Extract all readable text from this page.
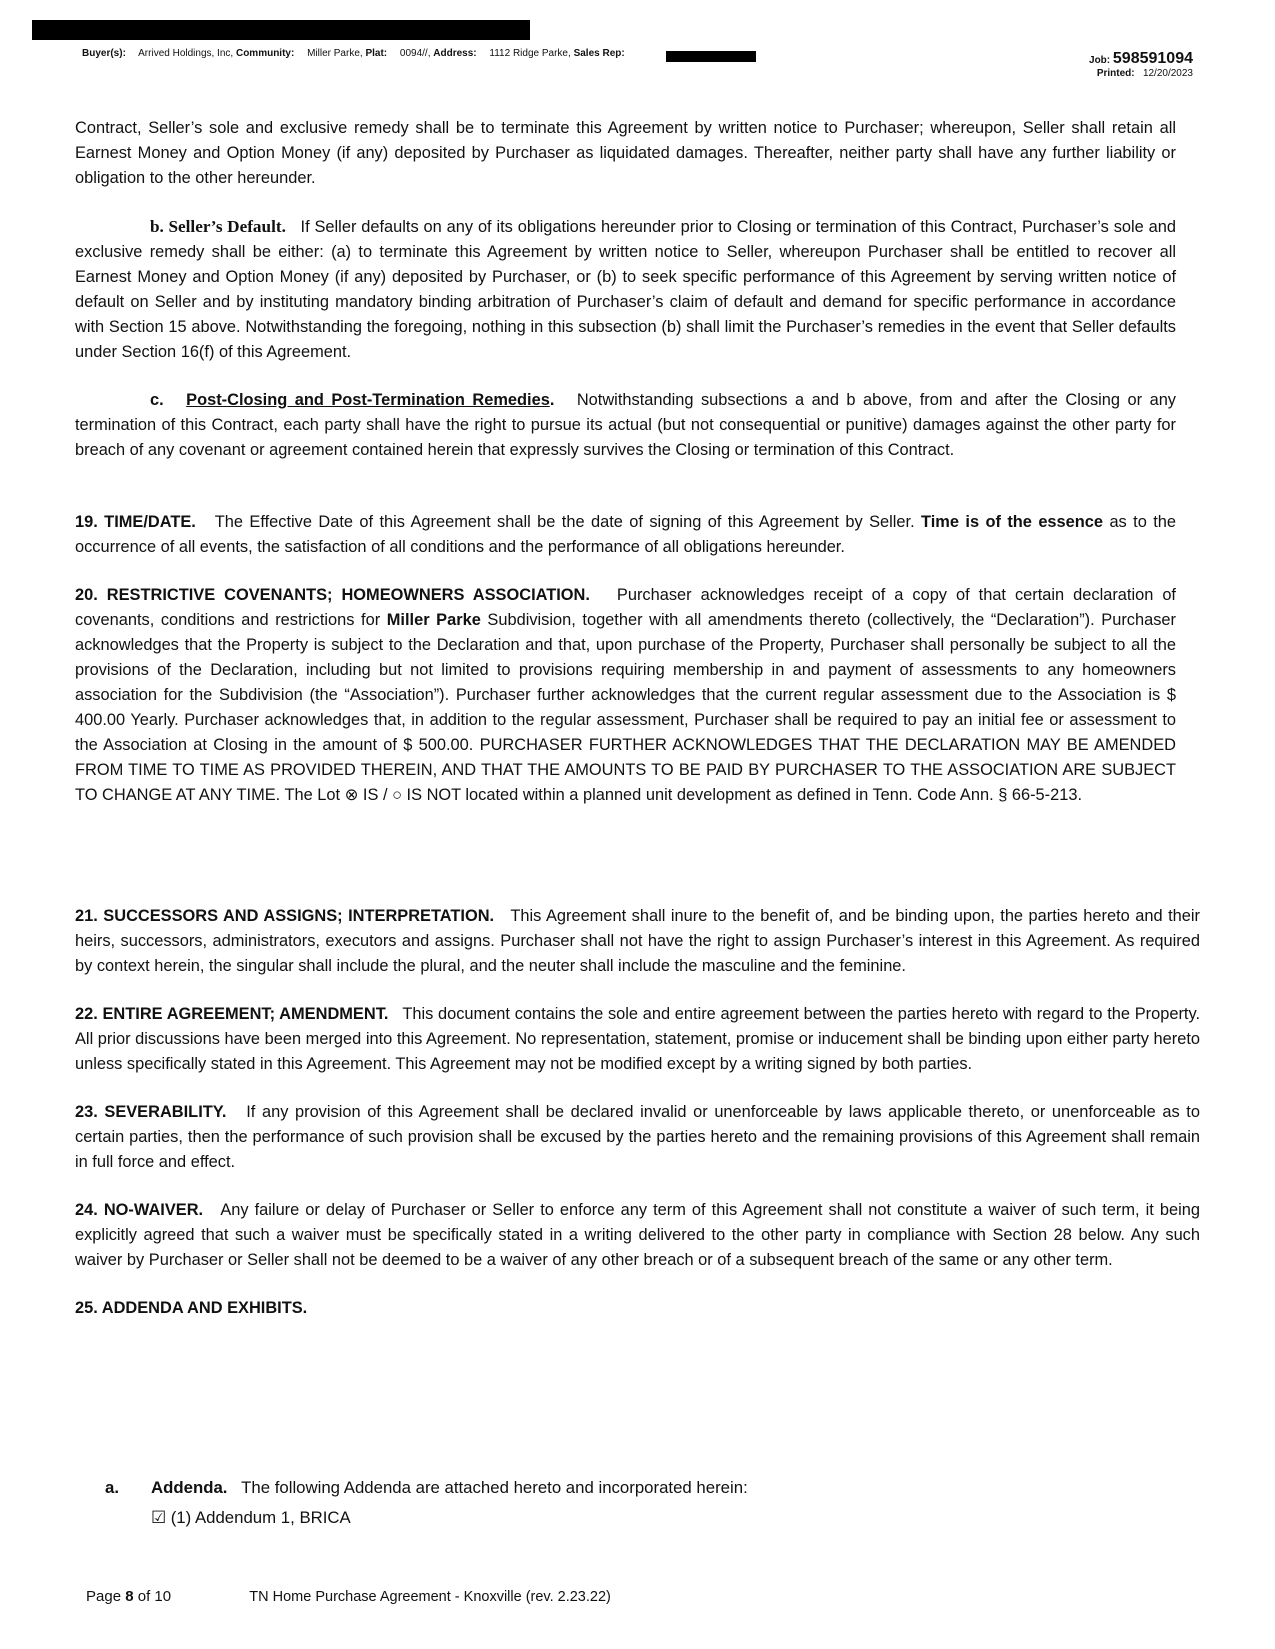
Buyer(s): Arrived Holdings, Inc, Community: Miller Parke, Plat: 0094//, Address: 1112 Ridge Parke, Sales Rep:
Job: 598591094
Printed: 12/20/2023

Contract, Seller’s sole and exclusive remedy shall be to terminate this Agreement by written notice to Purchaser; whereupon, Seller shall retain all Earnest Money and Option Money (if any) deposited by Purchaser as liquidated damages. Thereafter, neither party shall have any further liability or obligation to the other hereunder.

b. Seller’s Default. If Seller defaults on any of its obligations hereunder prior to Closing or termination of this Contract, Purchaser’s sole and exclusive remedy shall be either: (a) to terminate this Agreement by written notice to Seller, whereupon Purchaser shall be entitled to recover all Earnest Money and Option Money (if any) deposited by Purchaser, or (b) to seek specific performance of this Agreement by serving written notice of default on Seller and by instituting mandatory binding arbitration of Purchaser’s claim of default and demand for specific performance in accordance with Section 15 above. Notwithstanding the foregoing, nothing in this subsection (b) shall limit the Purchaser’s remedies in the event that Seller defaults under Section 16(f) of this Agreement.

c. Post-Closing and Post-Termination Remedies. Notwithstanding subsections a and b above, from and after the Closing or any termination of this Contract, each party shall have the right to pursue its actual (but not consequential or punitive) damages against the other party for breach of any covenant or agreement contained herein that expressly survives the Closing or termination of this Contract.

19. TIME/DATE. The Effective Date of this Agreement shall be the date of signing of this Agreement by Seller. Time is of the essence as to the occurrence of all events, the satisfaction of all conditions and the performance of all obligations hereunder.

20. RESTRICTIVE COVENANTS; HOMEOWNERS ASSOCIATION. Purchaser acknowledges receipt of a copy of that certain declaration of covenants, conditions and restrictions for Miller Parke Subdivision, together with all amendments thereto (collectively, the “Declaration”). Purchaser acknowledges that the Property is subject to the Declaration and that, upon purchase of the Property, Purchaser shall personally be subject to all the provisions of the Declaration, including but not limited to provisions requiring membership in and payment of assessments to any homeowners association for the Subdivision (the “Association”). Purchaser further acknowledges that the current regular assessment due to the Association is $ 400.00 Yearly. Purchaser acknowledges that, in addition to the regular assessment, Purchaser shall be required to pay an initial fee or assessment to the Association at Closing in the amount of $ 500.00. PURCHASER FURTHER ACKNOWLEDGES THAT THE DECLARATION MAY BE AMENDED FROM TIME TO TIME AS PROVIDED THEREIN, AND THAT THE AMOUNTS TO BE PAID BY PURCHASER TO THE ASSOCIATION ARE SUBJECT TO CHANGE AT ANY TIME. The Lot ⊗ IS / ○ IS NOT located within a planned unit development as defined in Tenn. Code Ann. § 66-5-213.

21. SUCCESSORS AND ASSIGNS; INTERPRETATION. This Agreement shall inure to the benefit of, and be binding upon, the parties hereto and their heirs, successors, administrators, executors and assigns. Purchaser shall not have the right to assign Purchaser’s interest in this Agreement. As required by context herein, the singular shall include the plural, and the neuter shall include the masculine and the feminine.

22. ENTIRE AGREEMENT; AMENDMENT. This document contains the sole and entire agreement between the parties hereto with regard to the Property. All prior discussions have been merged into this Agreement. No representation, statement, promise or inducement shall be binding upon either party hereto unless specifically stated in this Agreement. This Agreement may not be modified except by a writing signed by both parties.

23. SEVERABILITY. If any provision of this Agreement shall be declared invalid or unenforceable by laws applicable thereto, or unenforceable as to certain parties, then the performance of such provision shall be excused by the parties hereto and the remaining provisions of this Agreement shall remain in full force and effect.

24. NO-WAIVER. Any failure or delay of Purchaser or Seller to enforce any term of this Agreement shall not constitute a waiver of such term, it being explicitly agreed that such a waiver must be specifically stated in a writing delivered to the other party in compliance with Section 28 below. Any such waiver by Purchaser or Seller shall not be deemed to be a waiver of any other breach or of a subsequent breach of the same or any other term.

25. ADDENDA AND EXHIBITS.

a. Addenda. The following Addenda are attached hereto and incorporated herein:
☑ (1) Addendum 1, BRICA
Page 8 of 10	TN Home Purchase Agreement - Knoxville (rev. 2.23.22)
